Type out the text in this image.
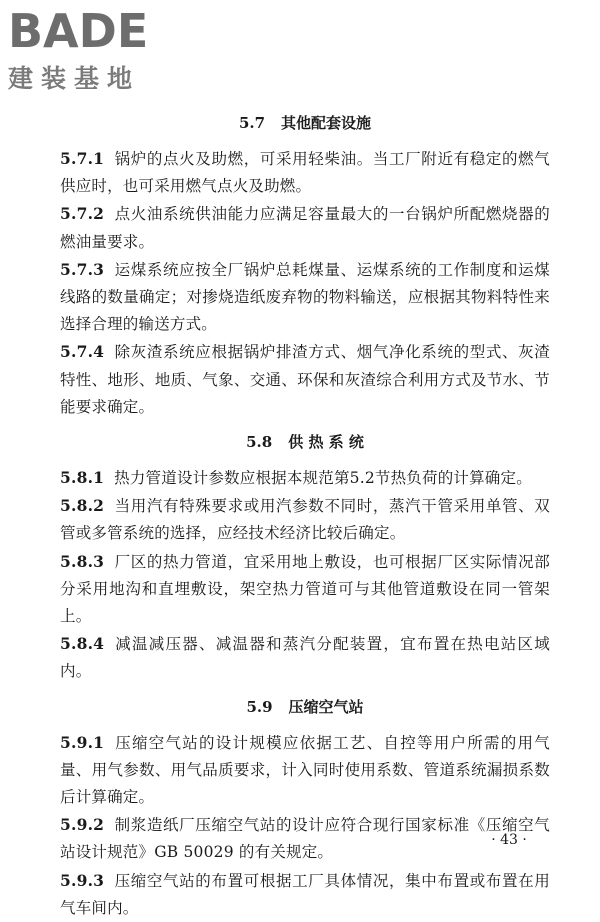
BADE
建装基地
5.7 其他配套设施

5.7.1 锅炉的点火及助燃，可采用轻柴油。当工厂附近有稳定的燃气供应时，也可采用燃气点火及助燃。

5.7.2 点火油系统供油能力应满足容量最大的一台锅炉所配燃烧器的燃油量要求。

5.7.3 运煤系统应按全厂锅炉总耗煤量、运煤系统的工作制度和运煤线路的数量确定；对掺烧造纸废弃物的物料输送，应根据其物料特性来选择合理的输送方式。

5.7.4 除灰渣系统应根据锅炉排渣方式、烟气净化系统的型式、灰渣特性、地形、地质、气象、交通、环保和灰渣综合利用方式及节水、节能要求确定。

5.8 供 热 系 统

5.8.1 热力管道设计参数应根据本规范第5.2节热负荷的计算确定。

5.8.2 当用汽有特殊要求或用汽参数不同时，蒸汽干管采用单管、双管或多管系统的选择，应经技术经济比较后确定。

5.8.3 厂区的热力管道，宜采用地上敷设，也可根据厂区实际情况部分采用地沟和直埋敷设，架空热力管道可与其他管道敷设在同一管架上。

5.8.4 减温减压器、减温器和蒸汽分配装置，宜布置在热电站区域内。

5.9 压缩空气站

5.9.1 压缩空气站的设计规模应依据工艺、自控等用户所需的用气量、用气参数、用气品质要求，计入同时使用系数、管道系统漏损系数后计算确定。

5.9.2 制浆造纸厂压缩空气站的设计应符合现行国家标准《压缩空气站设计规范》GB 50029 的有关规定。

5.9.3 压缩空气站的布置可根据工厂具体情况，集中布置或布置在用气车间内。

· 43 ·
